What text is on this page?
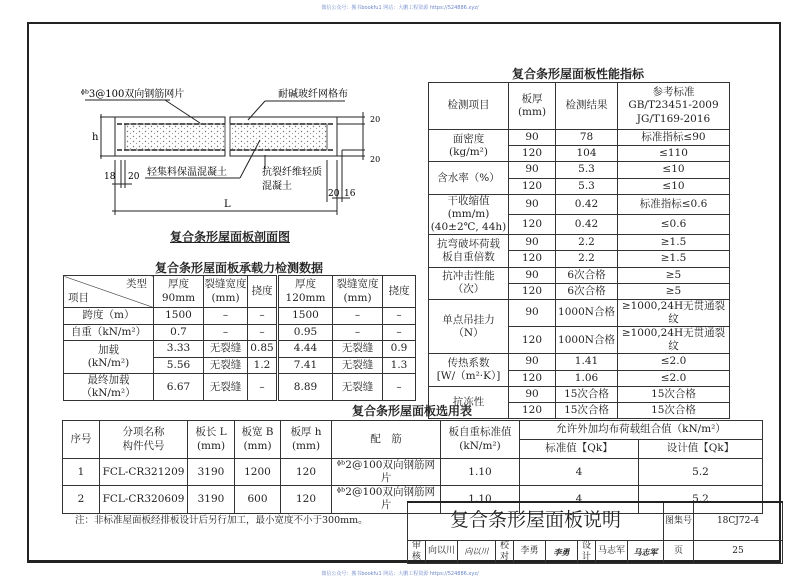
微信公众号：搬书bookfu1 网站：大鹏工程资源 https://524886.xyz/
微信公众号：搬书bookfu1 网站：大鹏工程资源 https://524886.xyz/
ᶲᵇ3@100双向钢筋网片	耐碱玻纤网格布
轻集料保温混凝土	抗裂纤维轻质
混凝土
h
L
18 20
20 16
20
20
复合条形屋面板剖面图
复合条形屋面板性能指标
检测项目	板厚
(mm)	检测结果	参考标准
GB/T23451-2009
JG/T169-2016
面密度
(kg/m²)	90	78	标准指标≤90
	120	104	≤110
含水率（%）	90	5.3	≤10
	120	5.3	≤10
干收缩值(mm/m)
(40±2℃, 44h)	90	0.42	标准指标≤0.6
	120	0.42	≤0.6
抗弯破坏荷载
板自重倍数	90	2.2	≥1.5
	120	2.2	≥1.5
抗冲击性能
（次）	90	6次合格	≥5
	120	6次合格	≥5
单点吊挂力
（N）	90	1000N合格	≥1000,24H无贯通裂纹
	120	1000N合格	≥1000,24H无贯通裂纹
传热系数
[W/（m²·K）]	90	1.41	≤2.0
	120	1.06	≤2.0
抗冻性	90	15次合格	15次合格
	120	15次合格	15次合格
复合条形屋面板承载力检测数据
类型
项目	厚度90mm	裂缝宽度
(mm)	挠度	厚度120mm	裂缝宽度
(mm)	挠度
跨度（m）	1500	–	–	1500	–	–
自重（kN/m²）	0.7	–	–	0.95	–	–
加载
(kN/m²)	3.33	无裂缝	0.85	4.44	无裂缝	0.9
	5.56	无裂缝	1.2	7.41	无裂缝	1.3
最终加载（kN/m²）	6.67	无裂缝	–	8.89	无裂缝	–
复合条形屋面板选用表
序号	分项名称
构件代号	板长 L
(mm)	板宽 B
(mm)	板厚 h
(mm)	配　筋	板自重标准值
(kN/m²)	允许外加均布荷载组合值（kN/m²）	
							标准值【Qk】	设计值【Qk】
1	FCL-CR321209	3190	1200	120	ᶲᵇ2@100双向钢筋网片	1.10	4	5.2
2	FCL-CR320609	3190	600	120	ᶲᵇ2@100双向钢筋网片	1.10	4	5.2
注：非标准屋面板经排板设计后另行加工，最小宽度不小于300mm。	复合条形屋面板说明									图集号	18CJ72-4
审核	向以川	向以川	校对	李勇	李勇	设计	马志军	马志军	页	25
